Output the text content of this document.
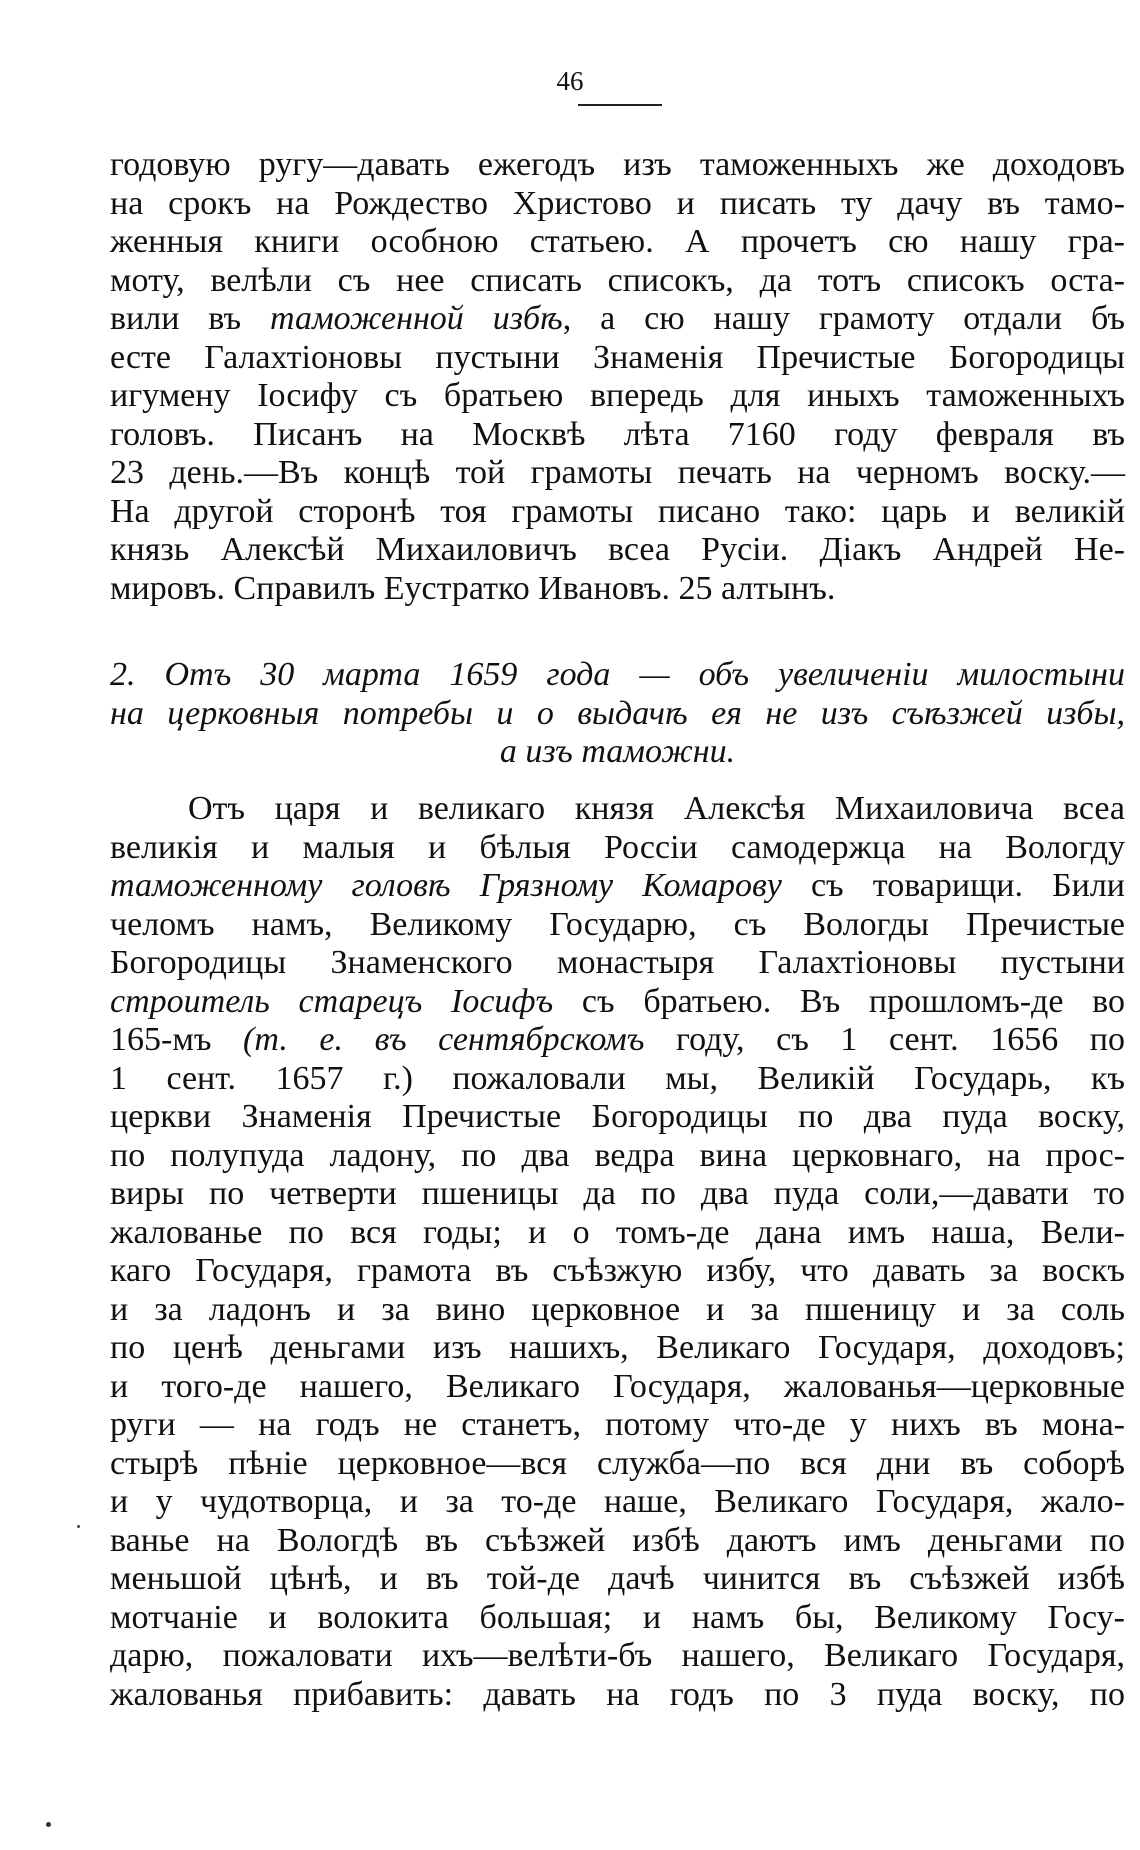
46
годовую ругу—давать ежегодъ изъ таможенныхъ же доходовъ
на срокъ на Рождество Христово и писать ту дачу въ тамо-
женныя книги особною статьею. А прочетъ сю нашу гра-
моту, велѣли съ нее списать списокъ, да тотъ списокъ оста-
вили въ таможенной избѣ, а сю нашу грамоту отдали бъ
есте Галахтіоновы пустыни Знаменія Пречистые Богородицы
игумену Іосифу съ братьею впередь для иныхъ таможенныхъ
головъ. Писанъ на Москвѣ лѣта 7160 году февраля въ
23 день.—Въ концѣ той грамоты печать на черномъ воску.—
На другой сторонѣ тоя грамоты писано тако: царь и великій
князь Алексѣй Михаиловичъ всеа Русіи. Діакъ Андрей Не-
мировъ. Справилъ Еустратко Ивановъ. 25 алтынъ.
2. Отъ 30 марта 1659 года — объ увеличеніи милостыни
на церковныя потребы и о выдачѣ ея не изъ съѣзжей избы,
а изъ таможни.
Отъ царя и великаго князя Алексѣя Михаиловича всеа
великія и малыя и бѣлыя Россіи самодержца на Вологду
таможенному головѣ Грязному Комарову съ товарищи. Били
челомъ намъ, Великому Государю, съ Вологды Пречистые
Богородицы Знаменского монастыря Галахтіоновы пустыни
строитель старецъ Іосифъ съ братьею. Въ прошломъ-де во
165-мъ (т. е. въ сентябрскомъ году, съ 1 сент. 1656 по
1 сент. 1657 г.) пожаловали мы, Великій Государь, къ
церкви Знаменія Пречистые Богородицы по два пуда воску,
по полупуда ладону, по два ведра вина церковнаго, на прос-
виры по четверти пшеницы да по два пуда соли,—давати то
жалованье по вся годы; и о томъ-де дана имъ наша, Вели-
каго Государя, грамота въ съѣзжую избу, что давать за воскъ
и за ладонъ и за вино церковное и за пшеницу и за соль
по ценѣ деньгами изъ нашихъ, Великаго Государя, доходовъ;
и того-де нашего, Великаго Государя, жалованья—церковные
руги — на годъ не станетъ, потому что-де у нихъ въ мона-
стырѣ пѣніе церковное—вся служба—по вся дни въ соборѣ
и у чудотворца, и за то-де наше, Великаго Государя, жало-
ванье на Вологдѣ въ съѣзжей избѣ даютъ имъ деньгами по
меньшой цѣнѣ, и въ той-де дачѣ чинится въ съѣзжей избѣ
мотчаніе и волокита большая; и намъ бы, Великому Госу-
дарю, пожаловати ихъ—велѣти-бъ нашего, Великаго Государя,
жалованья прибавить: давать на годъ по 3 пуда воску, по
